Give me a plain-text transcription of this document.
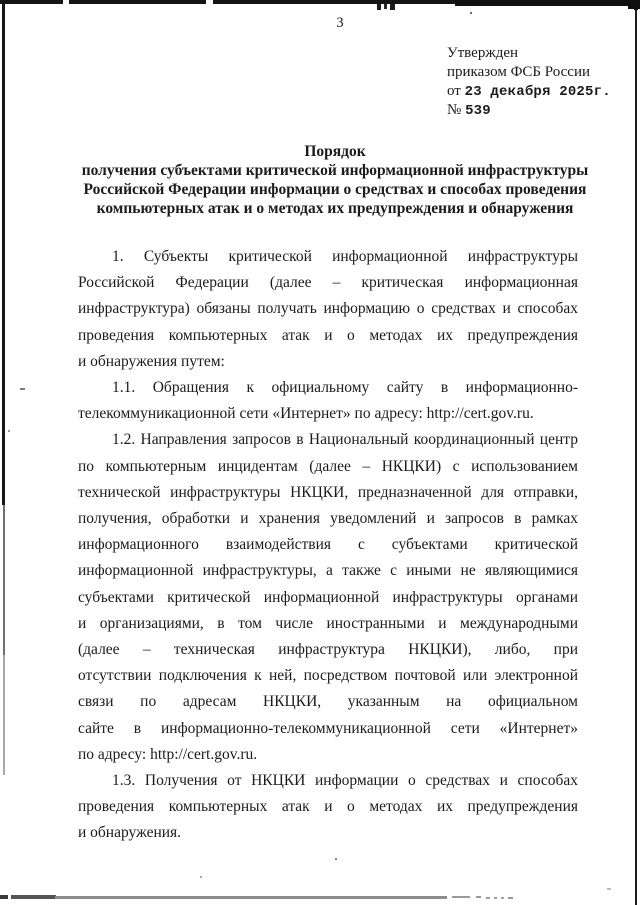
3
Утвержден
приказом ФСБ России
от 23 декабря 2025г.
№ 539
Порядок
получения субъектами критической информационной инфраструктуры
Российской Федерации информации о средствах и способах проведения
компьютерных атак и о методах их предупреждения и обнаружения
1. Субъекты критической информационной инфраструктуры
Российской Федерации (далее – критическая информационная
инфраструктура) обязаны получать информацию о средствах и способах
проведения компьютерных атак и о методах их предупреждения
и обнаружения путем:
1.1. Обращения к официальному сайту в информационно-
телекоммуникационной сети «Интернет» по адресу: http://cert.gov.ru.
1.2. Направления запросов в Национальный координационный центр
по компьютерным инцидентам (далее – НКЦКИ) с использованием
технической инфраструктуры НКЦКИ, предназначенной для отправки,
получения, обработки и хранения уведомлений и запросов в рамках
информационного взаимодействия с субъектами критической
информационной инфраструктуры, а также с иными не являющимися
субъектами критической информационной инфраструктуры органами
и организациями, в том числе иностранными и международными
(далее – техническая инфраструктура НКЦКИ), либо, при
отсутствии подключения к ней, посредством почтовой или электронной
связи по адресам НКЦКИ, указанным на официальном
сайте в информационно-телекоммуникационной сети «Интернет»
по адресу: http://cert.gov.ru.
1.3. Получения от НКЦКИ информации о средствах и способах
проведения компьютерных атак и о методах их предупреждения
и обнаружения.
